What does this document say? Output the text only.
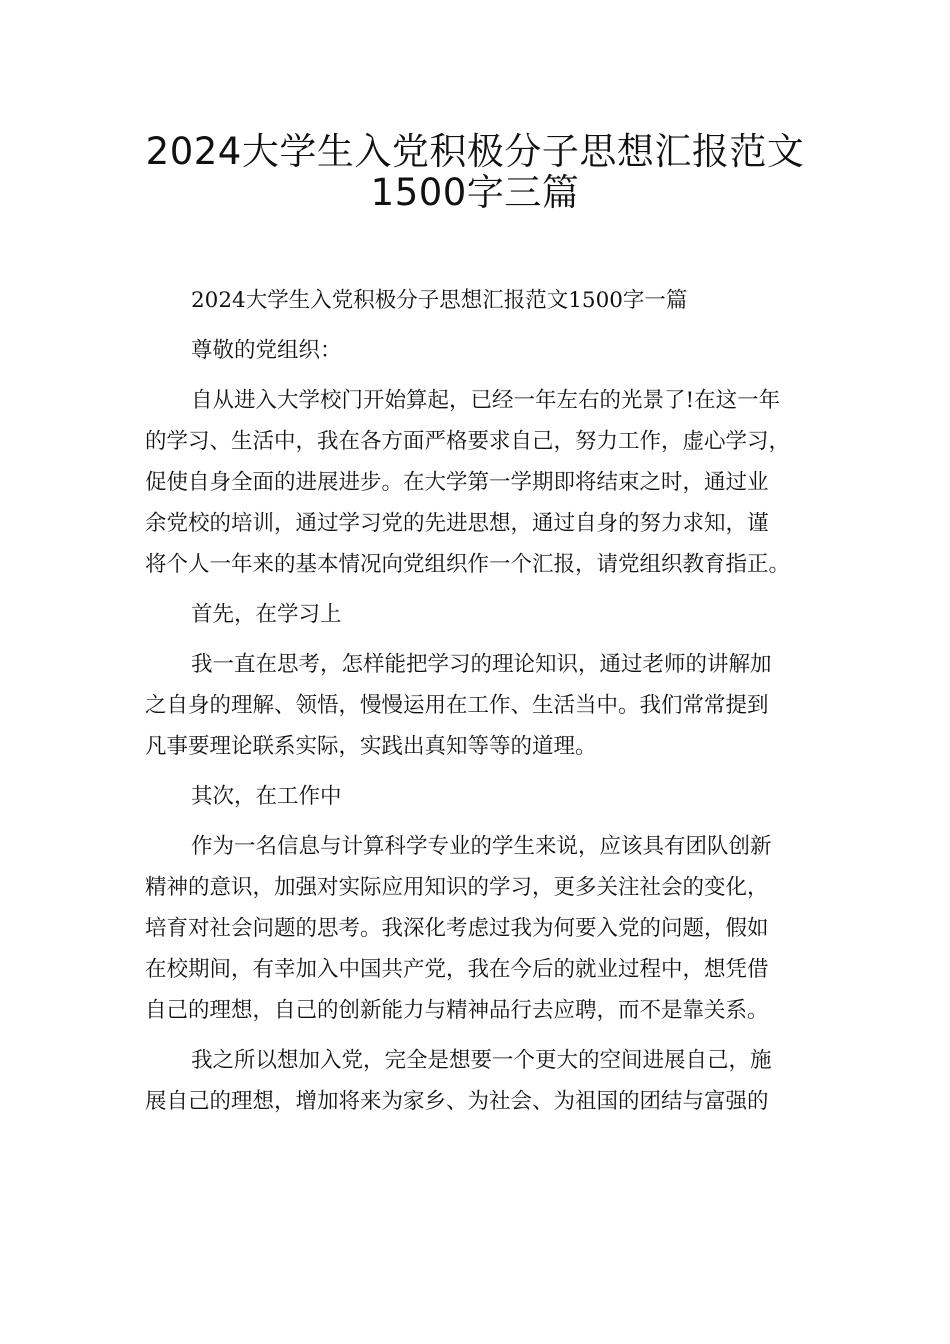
2024大学生入党积极分子思想汇报范文
1500字三篇

2024大学生入党积极分子思想汇报范文1500字一篇

尊敬的党组织：

自从进入大学校门开始算起，已经一年左右的光景了!在这一年
的学习、生活中，我在各方面严格要求自己，努力工作，虚心学习，
促使自身全面的进展进步。在大学第一学期即将结束之时，通过业
余党校的培训，通过学习党的先进思想，通过自身的努力求知，谨
将个人一年来的基本情况向党组织作一个汇报，请党组织教育指正。

首先，在学习上

我一直在思考，怎样能把学习的理论知识，通过老师的讲解加
之自身的理解、领悟，慢慢运用在工作、生活当中。我们常常提到
凡事要理论联系实际，实践出真知等等的道理。

其次，在工作中

作为一名信息与计算科学专业的学生来说，应该具有团队创新
精神的意识，加强对实际应用知识的学习，更多关注社会的变化，
培育对社会问题的思考。我深化考虑过我为何要入党的问题，假如
在校期间，有幸加入中国共产党，我在今后的就业过程中，想凭借
自己的理想，自己的创新能力与精神品行去应聘，而不是靠关系。

我之所以想加入党，完全是想要一个更大的空间进展自己，施
展自己的理想，增加将来为家乡、为社会、为祖国的团结与富强的
